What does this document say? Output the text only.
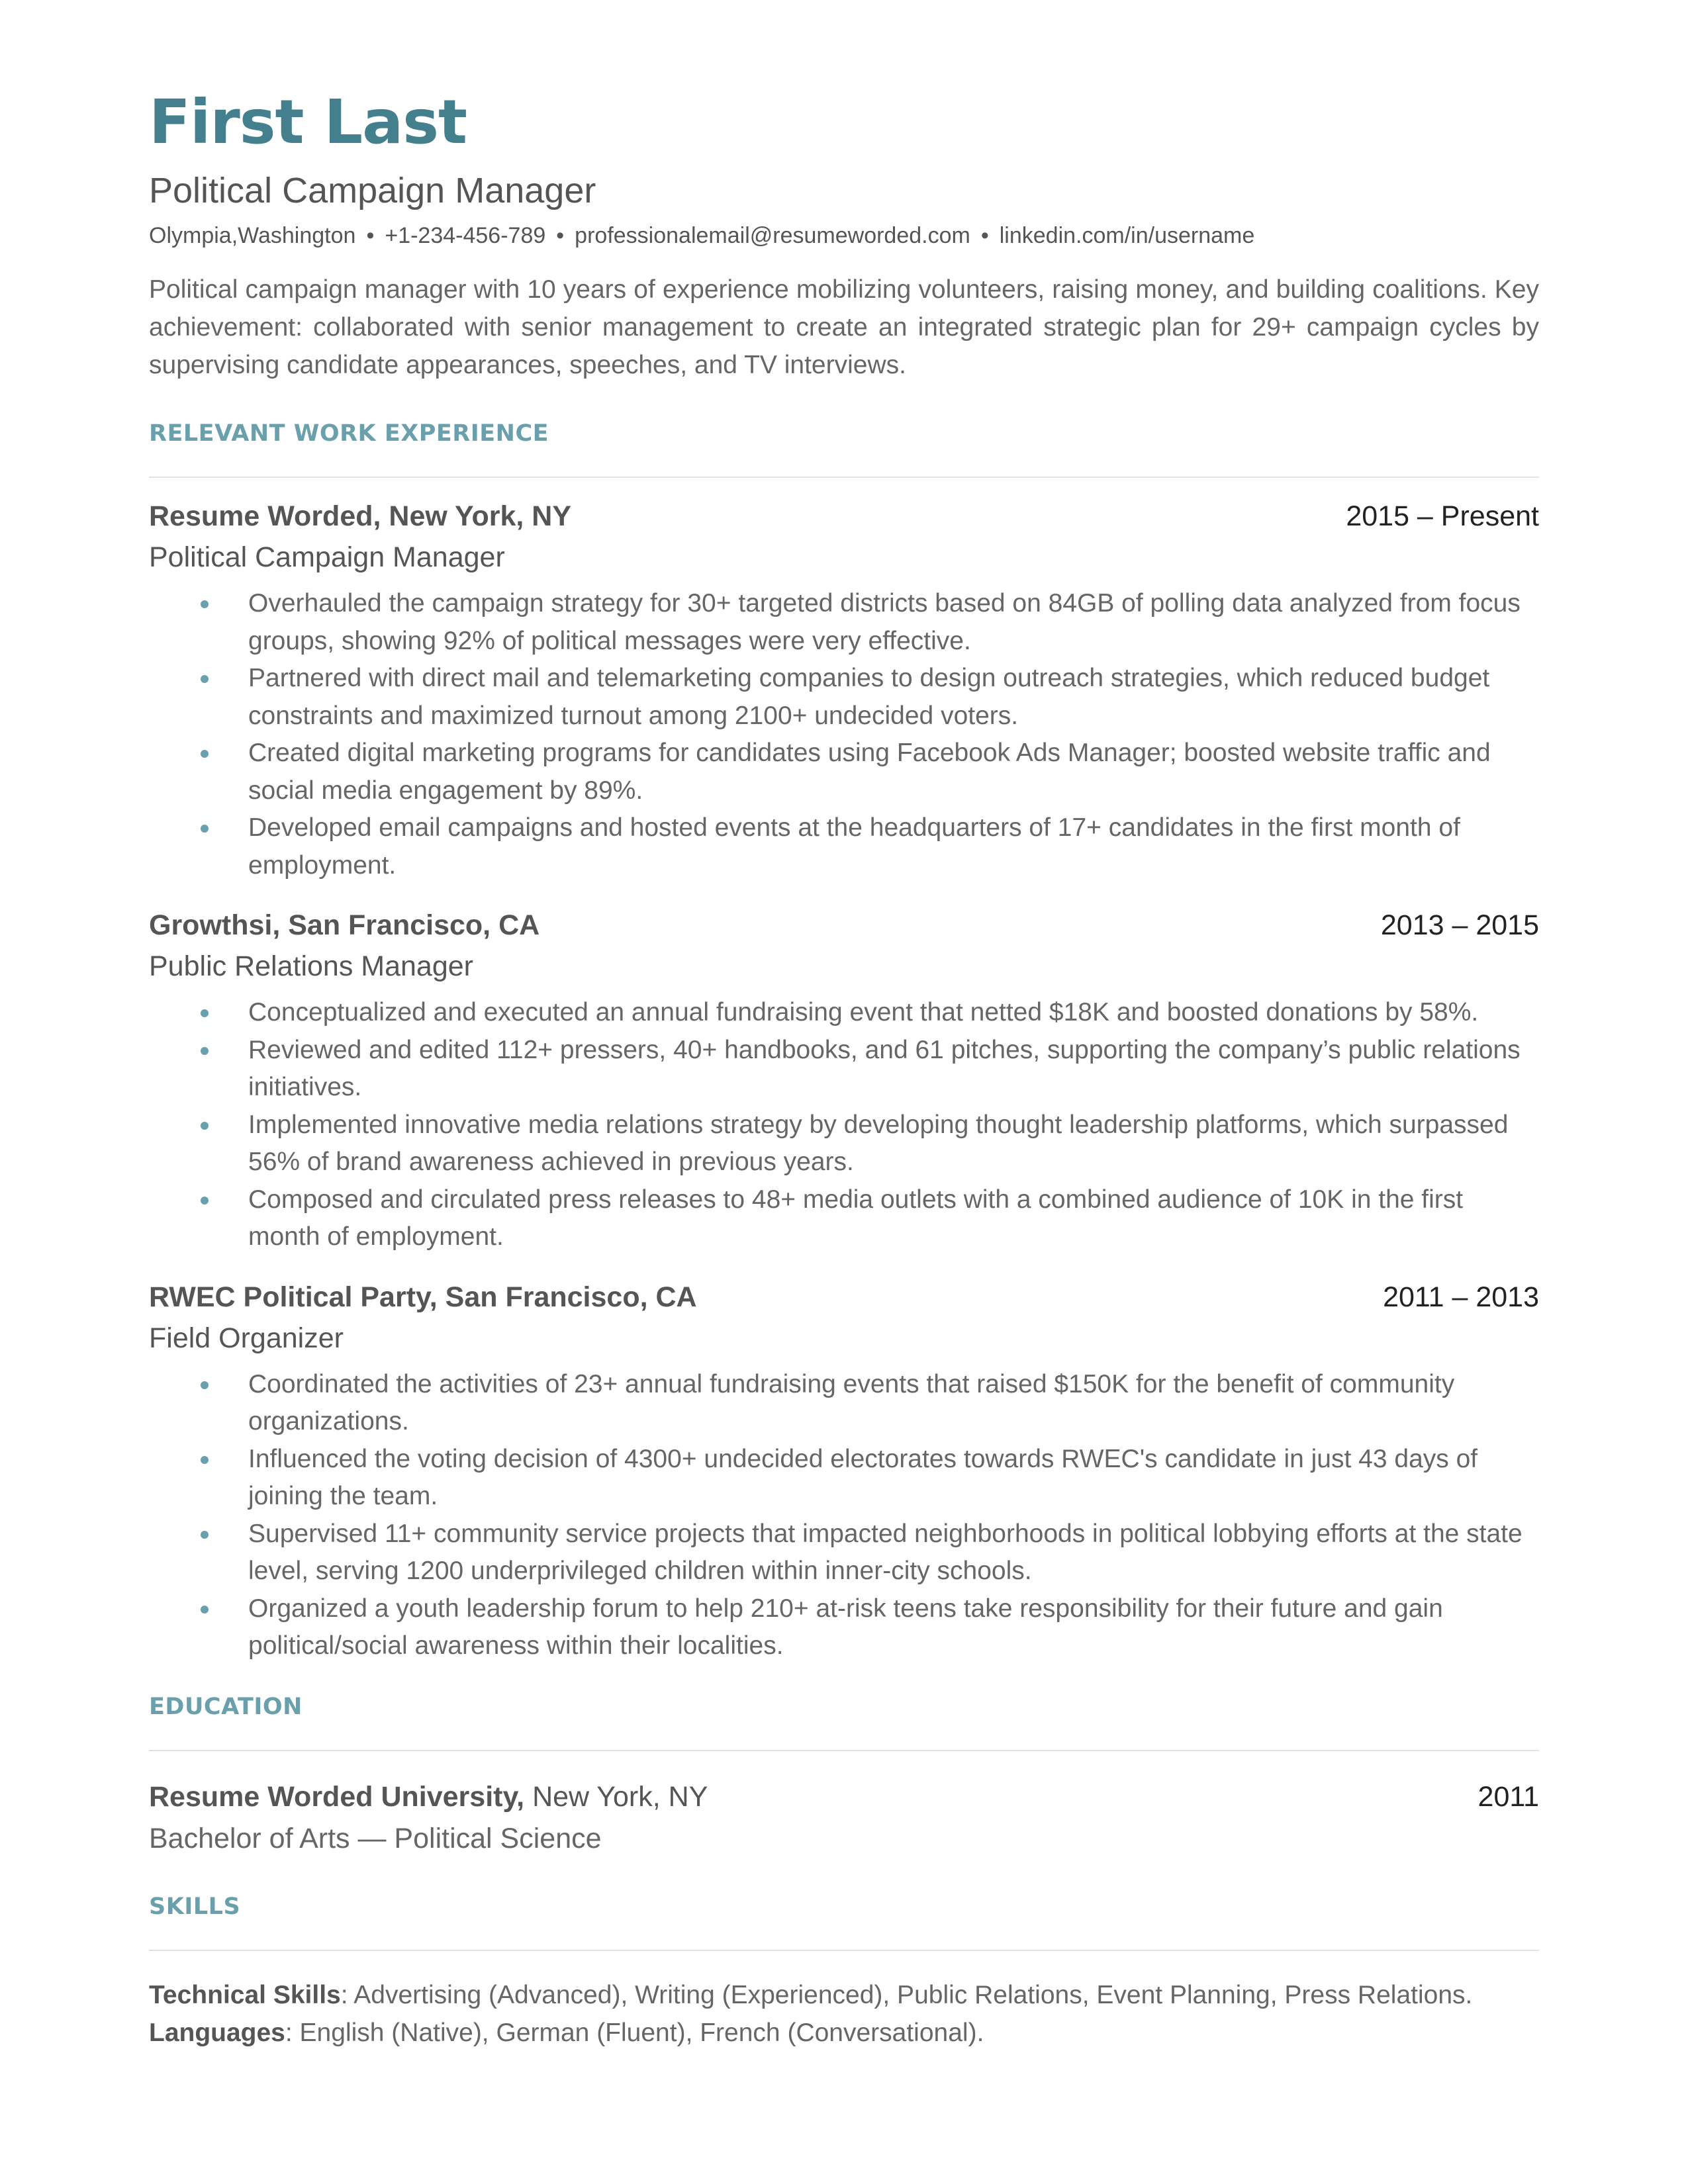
First Last
Political Campaign Manager
Olympia,Washington • +1-234-456-789 • professionalemail@resumeworded.com • linkedin.com/in/username
Political campaign manager with 10 years of experience mobilizing volunteers, raising money, and building coalitions. Key achievement: collaborated with senior management to create an integrated strategic plan for 29+ campaign cycles by supervising candidate appearances, speeches, and TV interviews.
RELEVANT WORK EXPERIENCE
Resume Worded, New York, NY	2015 – Present
Political Campaign Manager
Overhauled the campaign strategy for 30+ targeted districts based on 84GB of polling data analyzed from focus groups, showing 92% of political messages were very effective.
Partnered with direct mail and telemarketing companies to design outreach strategies, which reduced budget constraints and maximized turnout among 2100+ undecided voters.
Created digital marketing programs for candidates using Facebook Ads Manager; boosted website traffic and social media engagement by 89%.
Developed email campaigns and hosted events at the headquarters of 17+ candidates in the first month of employment.
Growthsi, San Francisco, CA	2013 – 2015
Public Relations Manager
Conceptualized and executed an annual fundraising event that netted $18K and boosted donations by 58%.
Reviewed and edited 112+ pressers, 40+ handbooks, and 61 pitches, supporting the company’s public relations initiatives.
Implemented innovative media relations strategy by developing thought leadership platforms, which surpassed 56% of brand awareness achieved in previous years.
Composed and circulated press releases to 48+ media outlets with a combined audience of 10K in the first month of employment.
RWEC Political Party, San Francisco, CA	2011 – 2013
Field Organizer
Coordinated the activities of 23+ annual fundraising events that raised $150K for the benefit of community organizations.
Influenced the voting decision of 4300+ undecided electorates towards RWEC's candidate in just 43 days of joining the team.
Supervised 11+ community service projects that impacted neighborhoods in political lobbying efforts at the state level, serving 1200 underprivileged children within inner-city schools.
Organized a youth leadership forum to help 210+ at-risk teens take responsibility for their future and gain political/social awareness within their localities.
EDUCATION
Resume Worded University, New York, NY	2011
Bachelor of Arts — Political Science
SKILLS
Technical Skills: Advertising (Advanced), Writing (Experienced), Public Relations, Event Planning, Press Relations.
Languages: English (Native), German (Fluent), French (Conversational).
